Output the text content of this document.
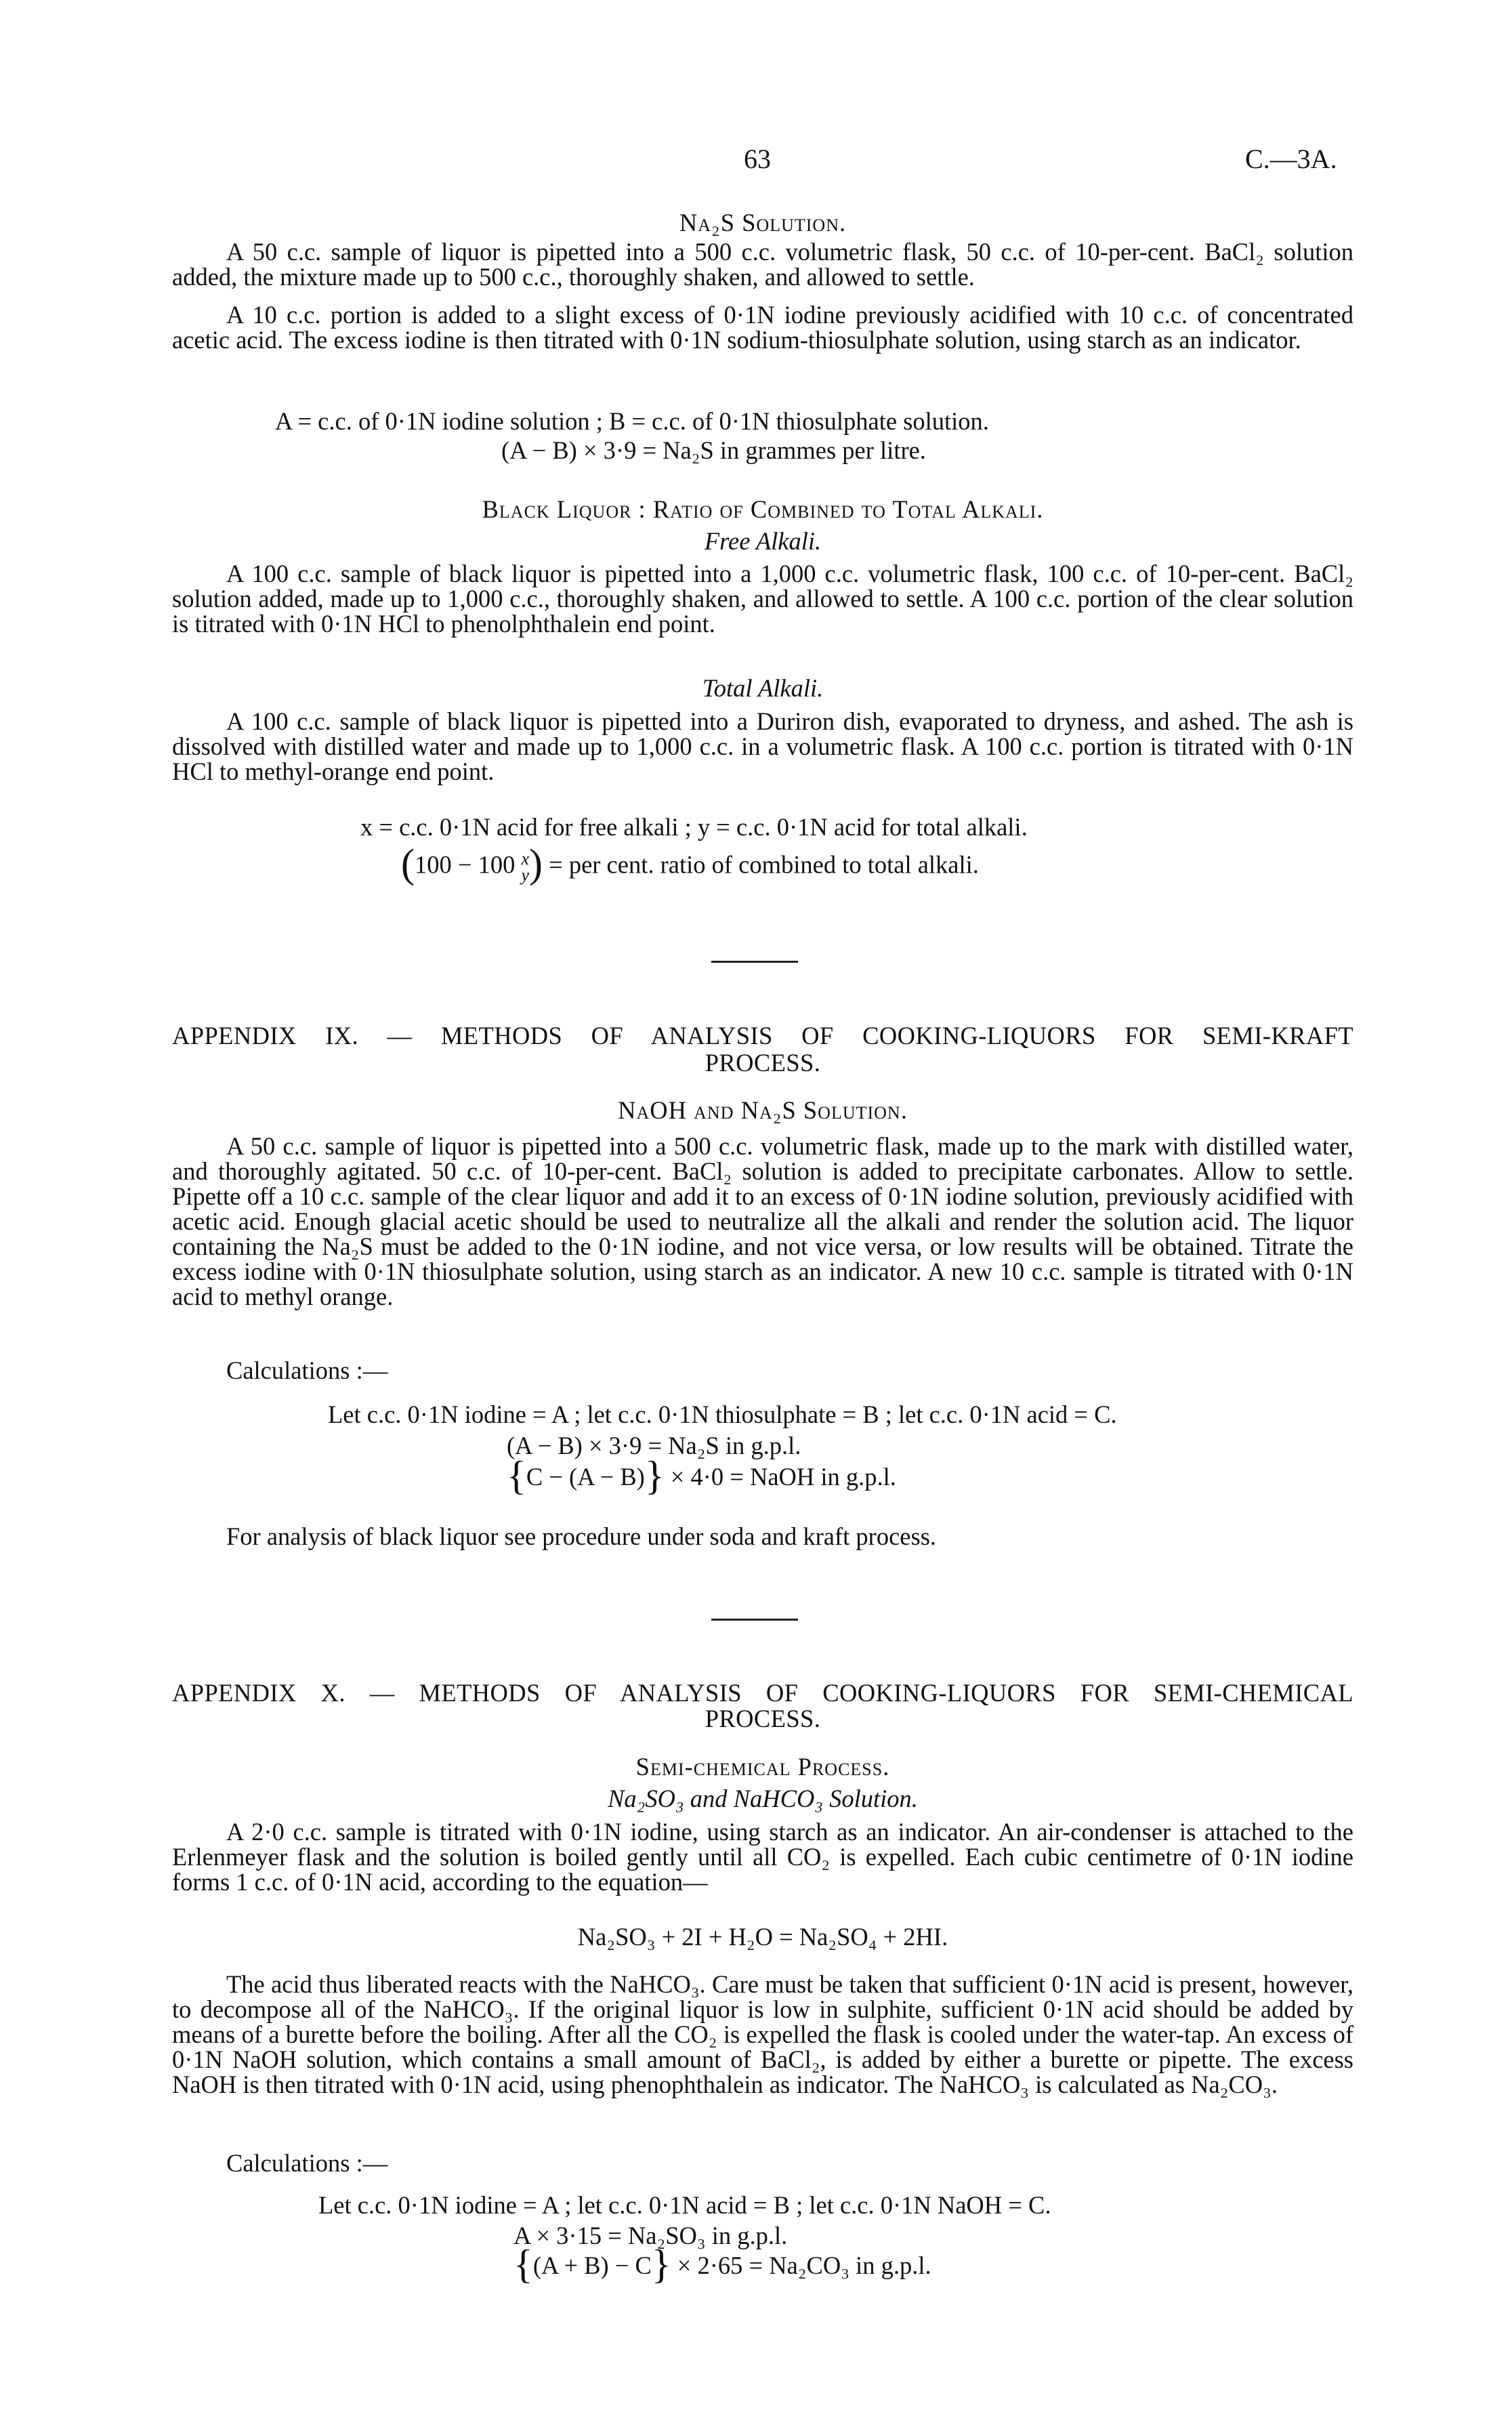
63	C.—3A.
Na₂S Solution.

A 50 c.c. sample of liquor is pipetted into a 500 c.c. volumetric flask, 50 c.c. of 10-per-cent. BaCl₂ solution added, the mixture made up to 500 c.c., thoroughly shaken, and allowed to settle.

A 10 c.c. portion is added to a slight excess of 0·1N iodine previously acidified with 10 c.c. of concentrated acetic acid. The excess iodine is then titrated with 0·1N sodium-thiosulphate solution, using starch as an indicator.

A = c.c. of 0·1N iodine solution ; B = c.c. of 0·1N thiosulphate solution.
(A − B) × 3·9 = Na₂S in grammes per litre.
Black Liquor : Ratio of Combined to Total Alkali.
Free Alkali.

A 100 c.c. sample of black liquor is pipetted into a 1,000 c.c. volumetric flask, 100 c.c. of 10-per-cent. BaCl₂ solution added, made up to 1,000 c.c., thoroughly shaken, and allowed to settle. A 100 c.c. portion of the clear solution is titrated with 0·1N HCl to phenolphthalein end point.

Total Alkali.

A 100 c.c. sample of black liquor is pipetted into a Duriron dish, evaporated to dryness, and ashed. The ash is dissolved with distilled water and made up to 1,000 c.c. in a volumetric flask. A 100 c.c. portion is titrated with 0·1N HCl to methyl-orange end point.

x = c.c. 0·1N acid for free alkali ; y = c.c. 0·1N acid for total alkali.
(100 − 100 x
y ) = per cent. ratio of combined to total alkali.
APPENDIX IX. — METHODS OF ANALYSIS OF COOKING-LIQUORS FOR SEMI-KRAFT
PROCESS.
NaOH and Na₂S Solution.

A 50 c.c. sample of liquor is pipetted into a 500 c.c. volumetric flask, made up to the mark with distilled water, and thoroughly agitated. 50 c.c. of 10-per-cent. BaCl₂ solution is added to precipitate carbonates. Allow to settle. Pipette off a 10 c.c. sample of the clear liquor and add it to an excess of 0·1N iodine solution, previously acidified with acetic acid. Enough glacial acetic should be used to neutralize all the alkali and render the solution acid. The liquor containing the Na₂S must be added to the 0·1N iodine, and not vice versa, or low results will be obtained. Titrate the excess iodine with 0·1N thiosulphate solution, using starch as an indicator. A new 10 c.c. sample is titrated with 0·1N acid to methyl orange.

Calculations :—
Let c.c. 0·1N iodine = A ; let c.c. 0·1N thiosulphate = B ; let c.c. 0·1N acid = C.
(A − B) × 3·9 = Na₂S in g.p.l.
{C − (A − B)} × 4·0 = NaOH in g.p.l.
For analysis of black liquor see procedure under soda and kraft process.
APPENDIX X. — METHODS OF ANALYSIS OF COOKING-LIQUORS FOR SEMI-CHEMICAL
PROCESS.
Semi-chemical Process.
Na₂SO₃ and NaHCO₃ Solution.

A 2·0 c.c. sample is titrated with 0·1N iodine, using starch as an indicator. An air-condenser is attached to the Erlenmeyer flask and the solution is boiled gently until all CO₂ is expelled. Each cubic centimetre of 0·1N iodine forms 1 c.c. of 0·1N acid, according to the equation—

Na₂SO₃ + 2I + H₂O = Na₂SO₄ + 2HI.

The acid thus liberated reacts with the NaHCO₃. Care must be taken that sufficient 0·1N acid is present, however, to decompose all of the NaHCO₃. If the original liquor is low in sulphite, sufficient 0·1N acid should be added by means of a burette before the boiling. After all the CO₂ is expelled the flask is cooled under the water-tap. An excess of 0·1N NaOH solution, which contains a small amount of BaCl₂, is added by either a burette or pipette. The excess NaOH is then titrated with 0·1N acid, using phenophthalein as indicator. The NaHCO₃ is calculated as Na₂CO₃.

Calculations :—
Let c.c. 0·1N iodine = A ; let c.c. 0·1N acid = B ; let c.c. 0·1N NaOH = C.
A × 3·15 = Na₂SO₃ in g.p.l.
{(A + B) − C} × 2·65 = Na₂CO₃ in g.p.l.
